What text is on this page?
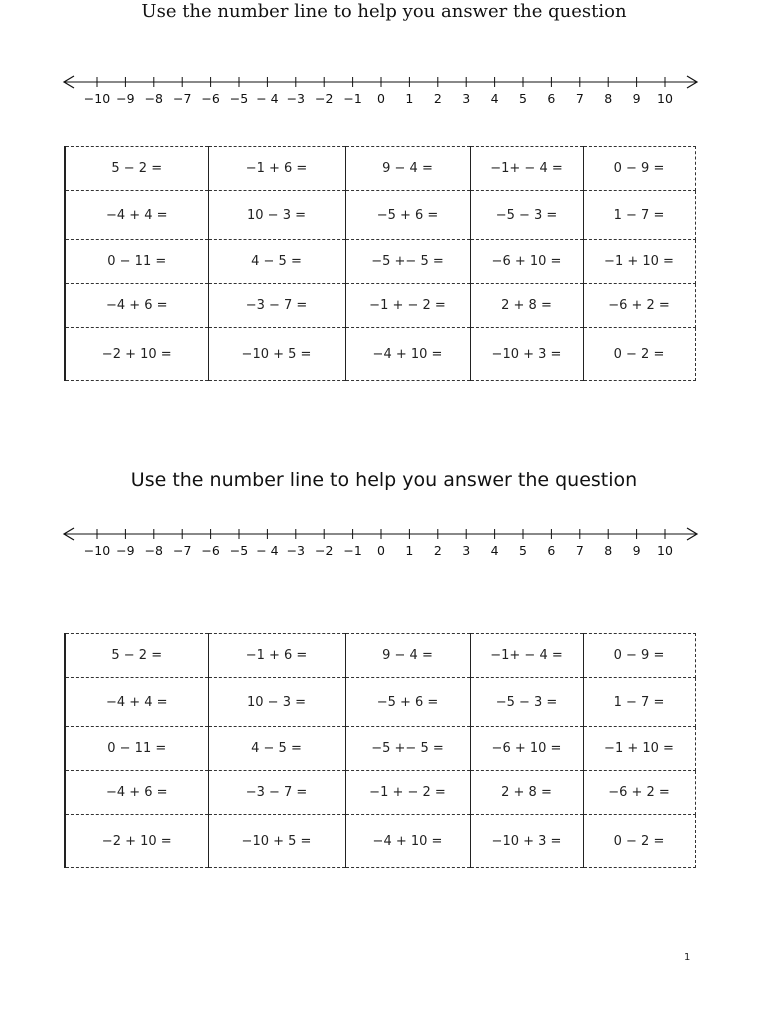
Use the number line to help you answer the question
−10 −9 −8 −7 −6 −5 − 4 −3 −2 −1 0 1 2 3 4 5 6 7 8 9 10
5 − 2 =	−1 + 6 =	9 − 4 =	−1+ − 4 =	0 − 9 =
−4 + 4 =	10 − 3 =	−5 + 6 =	−5 − 3 =	1 − 7 =
0 − 11 =	4 − 5 =	−5 +− 5 =	−6 + 10 =	−1 + 10 =
−4 + 6 =	−3 − 7 =	−1 + − 2 =	2 + 8 =	−6 + 2 =
−2 + 10 =	−10 + 5 =	−4 + 10 =	−10 + 3 =	0 − 2 =
Use the number line to help you answer the question
−10 −9 −8 −7 −6 −5 − 4 −3 −2 −1 0 1 2 3 4 5 6 7 8 9 10
5 − 2 =	−1 + 6 =	9 − 4 =	−1+ − 4 =	0 − 9 =
−4 + 4 =	10 − 3 =	−5 + 6 =	−5 − 3 =	1 − 7 =
0 − 11 =	4 − 5 =	−5 +− 5 =	−6 + 10 =	−1 + 10 =
−4 + 6 =	−3 − 7 =	−1 + − 2 =	2 + 8 =	−6 + 2 =
−2 + 10 =	−10 + 5 =	−4 + 10 =	−10 + 3 =	0 − 2 =
1
